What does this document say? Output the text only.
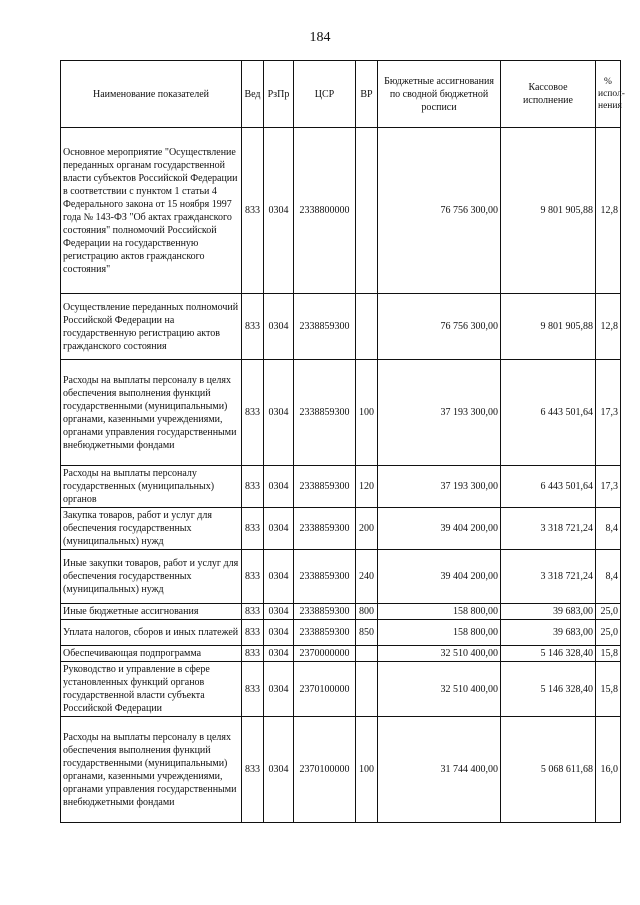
184
Наименование показателей	Вед	РзПр	ЦСР	ВР	Бюджетные ассигнования по сводной бюджетной росписи	Кассовое исполнение	% испол-нения
Основное мероприятие "Осуществление переданных органам государственной власти субъектов Российской Федерации в соответствии с пунктом 1 статьи 4 Федерального закона от 15 ноября 1997 года № 143-ФЗ "Об актах гражданского состояния" полномочий Российской Федерации на государственную регистрацию актов гражданского состояния"	833	0304	2338800000		76 756 300,00	9 801 905,88	12,8
Осуществление переданных полномочий Российской Федерации на государственную регистрацию актов гражданского состояния	833	0304	2338859300		76 756 300,00	9 801 905,88	12,8
Расходы на выплаты персоналу в целях обеспечения выполнения функций государственными (муниципальными) органами, казенными учреждениями, органами управления государственными внебюджетными фондами	833	0304	2338859300	100	37 193 300,00	6 443 501,64	17,3
Расходы на выплаты персоналу государственных (муниципальных) органов	833	0304	2338859300	120	37 193 300,00	6 443 501,64	17,3
Закупка товаров, работ и услуг для обеспечения государственных (муниципальных) нужд	833	0304	2338859300	200	39 404 200,00	3 318 721,24	8,4
Иные закупки товаров, работ и услуг для обеспечения государственных (муниципальных) нужд	833	0304	2338859300	240	39 404 200,00	3 318 721,24	8,4
Иные бюджетные ассигнования	833	0304	2338859300	800	158 800,00	39 683,00	25,0
Уплата налогов, сборов и иных платежей	833	0304	2338859300	850	158 800,00	39 683,00	25,0
Обеспечивающая подпрограмма	833	0304	2370000000		32 510 400,00	5 146 328,40	15,8
Руководство и управление в сфере установленных функций органов государственной власти субъекта Российской Федерации	833	0304	2370100000		32 510 400,00	5 146 328,40	15,8
Расходы на выплаты персоналу в целях обеспечения выполнения функций государственными (муниципальными) органами, казенными учреждениями, органами управления государственными внебюджетными фондами	833	0304	2370100000	100	31 744 400,00	5 068 611,68	16,0
